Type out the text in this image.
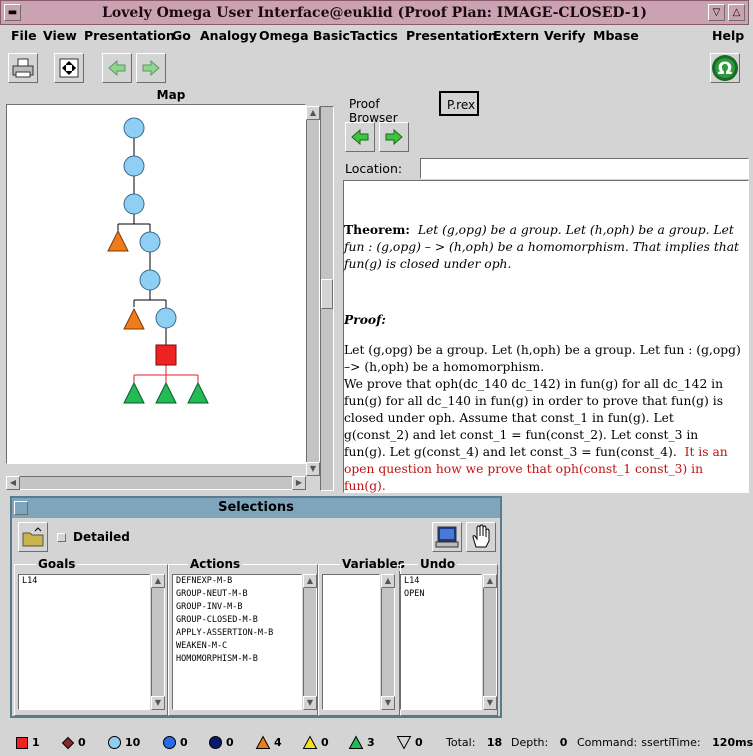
▬	Lovely Omega User Interface@euklid (Proof Plan: IMAGE-CLOSED-1)	▽	△
File View Presentation
Go Analogy Omega Basic Tactics Presentation
Extern Verify Mbase	Help
Ω
Map
▲
▼
◀	▶
Proof Browser
P.rex
Location:

Theorem: Let (g,opg) be a group. Let (h,oph) be a group. Let fun : (g,opg) – > (h,oph) be a homomorphism. That implies that fun(g) is closed under oph.

Proof:

Let (g,opg) be a group. Let (h,oph) be a group. Let fun : (g,opg) –> (h,oph) be a homomorphism.

We prove that oph(dc_140 dc_142) in fun(g) for all dc_142 in fun(g) for all dc_140 in fun(g) in order to prove that fun(g) is closed under oph. Assume that const_1 in fun(g). Let g(const_2) and let const_1 = fun(const_2). Let const_3 in fun(g). Let g(const_4) and let const_3 = fun(const_4). It is an open question how we prove that oph(const_1 const_3) in fun(g).

Selections
Detailed
Goals
L14	▲
▼
Actions
DEFNEXP-M-B
GROUP-NEUT-M-B
GROUP-INV-M-B
GROUP-CLOSED-M-B
APPLY-ASSERTION-M-B
WEAKEN-M-C
HOMOMORPHISM-M-B
▲
▼
Variables
▲
▼
Undo
L14
OPEN
▲
▼
1	0	10	0	0	4	0	3	0 Total:
18 Depth:
0 Command: sserti
Time:
120ms
